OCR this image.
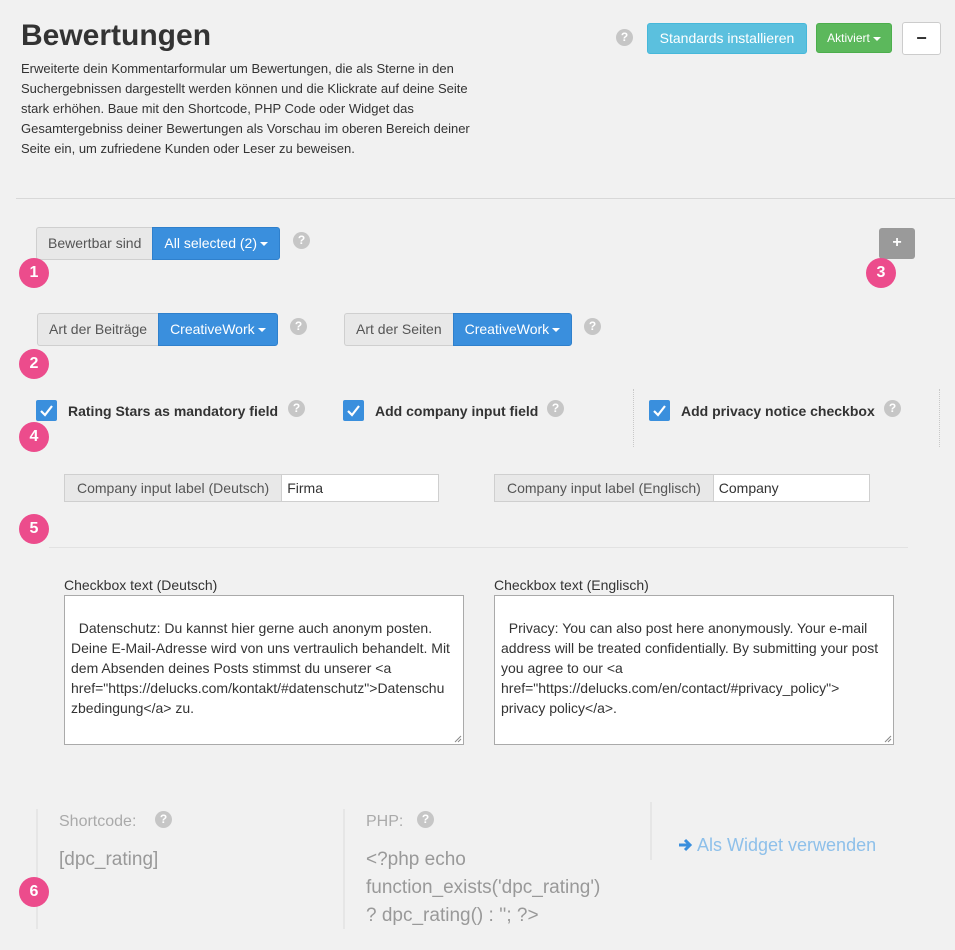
Bewertungen
Erweiterte dein Kommentarformular um Bewertungen, die als Sterne in den Suchergebnissen dargestellt werden können und die Klickrate auf deine Seite stark erhöhen. Baue mit den Shortcode, PHP Code oder Widget das Gesamtergebniss deiner Bewertungen als Vorschau im oberen Bereich deiner Seite ein, um zufriedene Kunden oder Leser zu beweisen.
?	Standards installieren	Aktiviert	−
Bewertbar sind	All selected (2)	?	+
1	3
Art der Beiträge	CreativeWork	?	Art der Seiten	CreativeWork	?
2
Rating Stars as mandatory field	?	Add company input field	?	Add privacy notice checkbox	?
4
Company input label (Deutsch)	Firma	Company input label (Englisch)	Company
5
Checkbox text (Deutsch)

Datenschutz: Du kannst hier gerne auch anonym posten. Deine E-Mail-Adresse wird von uns vertraulich behandelt. Mit dem Absenden deines Posts stimmst du unserer <a href="https://delucks.com/kontakt/#datenschutz">Datenschu zbedingung</a> zu.

Checkbox text (Englisch)

Privacy: You can also post here anonymously. Your e-mail address will be treated confidentially. By submitting your post you agree to our <a href="https://delucks.com/en/contact/#privacy_policy"> privacy policy</a>.

Shortcode:	?
[dpc_rating]
PHP:	?
<?php echo
function_exists('dpc_rating')
? dpc_rating() : ''; ?>
Als Widget verwenden
6
